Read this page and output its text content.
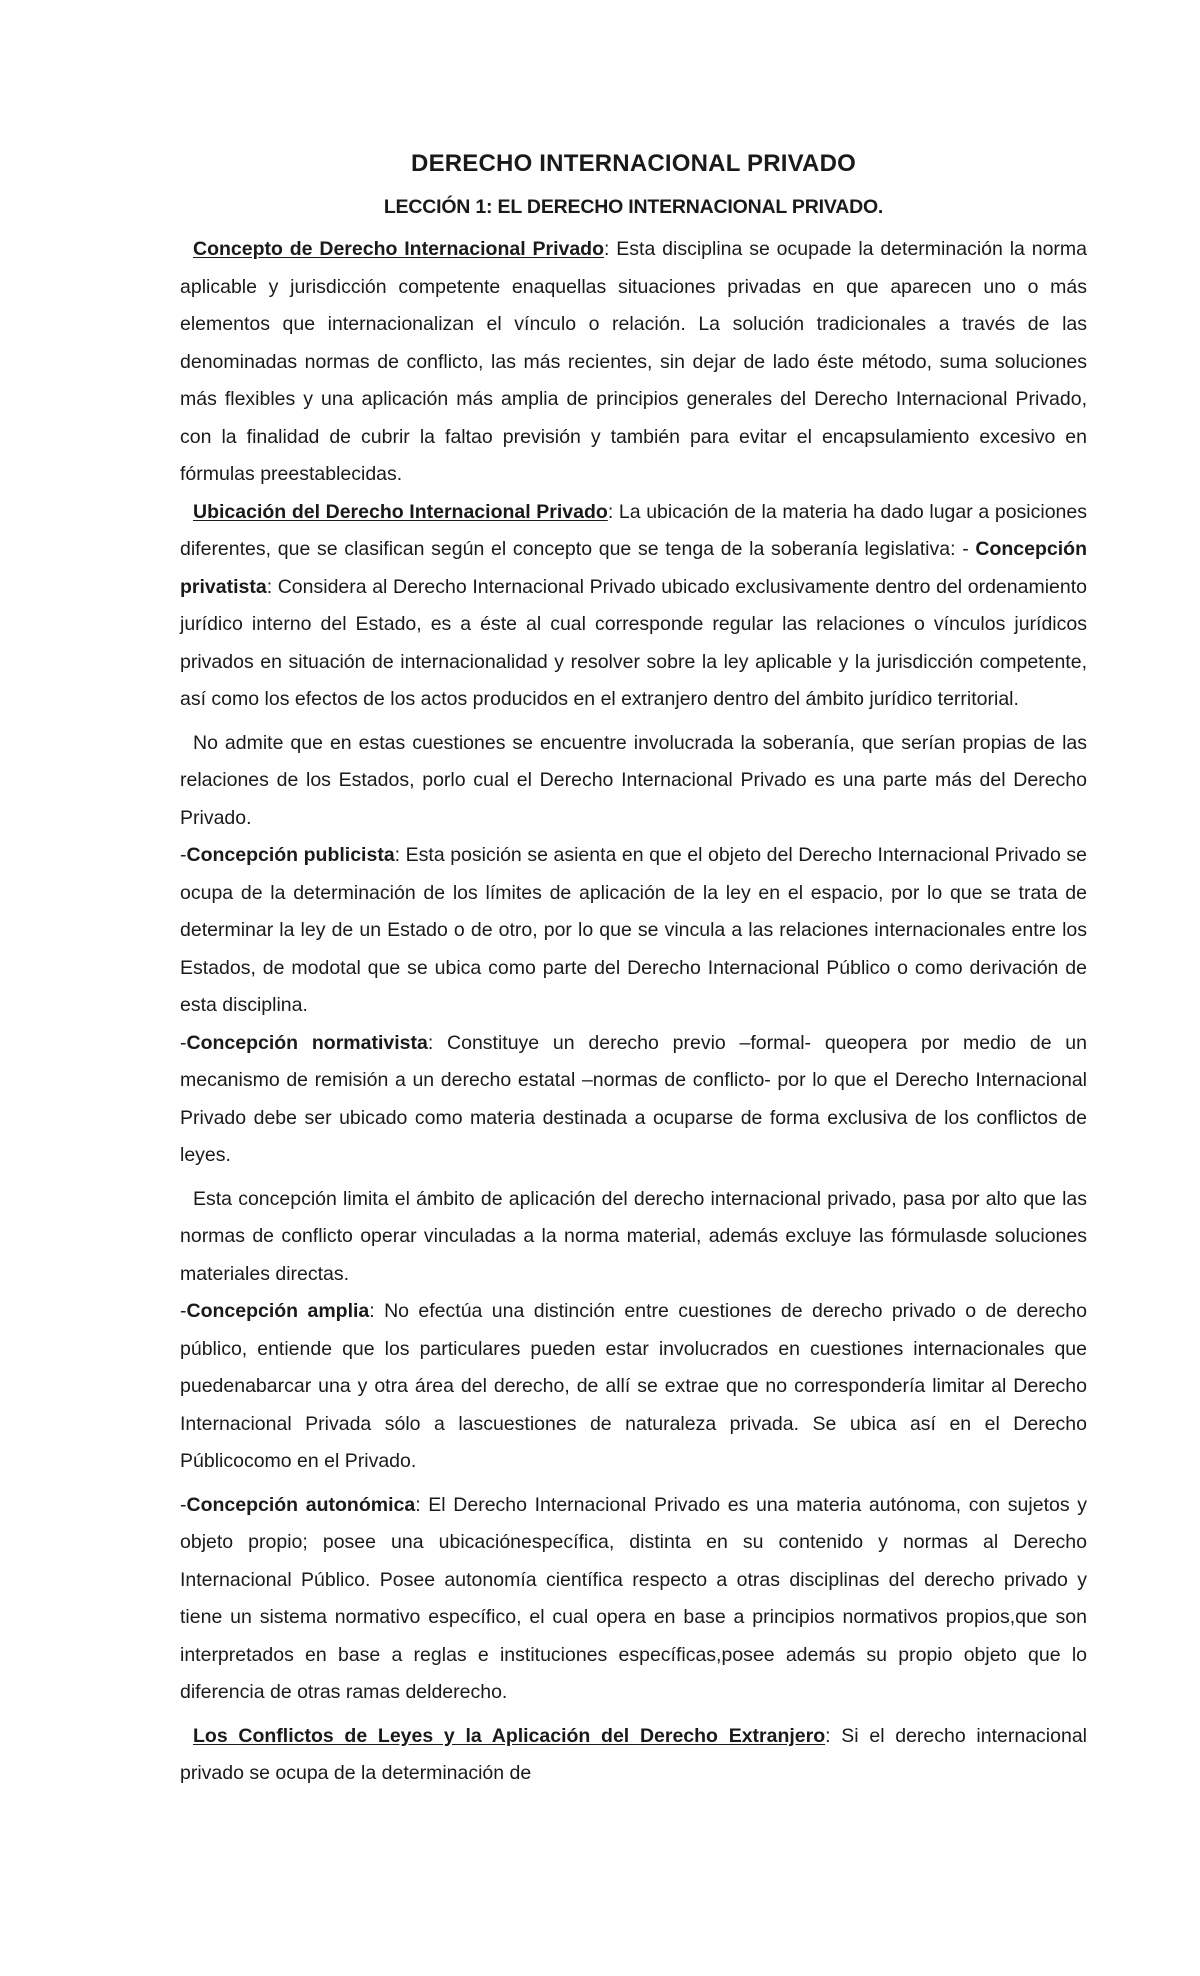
DERECHO INTERNACIONAL PRIVADO
LECCIÓN 1: EL DERECHO INTERNACIONAL PRIVADO.

Concepto de Derecho Internacional Privado: Esta disciplina se ocupade la determinación la norma aplicable y jurisdicción competente enaquellas situaciones privadas en que aparecen uno o más elementos que internacionalizan el vínculo o relación. La solución tradicionales a través de las denominadas normas de conflicto, las más recientes, sin dejar de lado éste método, suma soluciones más flexibles y una aplicación más amplia de principios generales del Derecho Internacional Privado, con la finalidad de cubrir la faltao previsión y también para evitar el encapsulamiento excesivo en fórmulas preestablecidas.

Ubicación del Derecho Internacional Privado: La ubicación de la materia ha dado lugar a posiciones diferentes, que se clasifican según el concepto que se tenga de la soberanía legislativa: - Concepción privatista: Considera al Derecho Internacional Privado ubicado exclusivamente dentro del ordenamiento jurídico interno del Estado, es a éste al cual corresponde regular las relaciones o vínculos jurídicos privados en situación de internacionalidad y resolver sobre la ley aplicable y la jurisdicción competente, así como los efectos de los actos producidos en el extranjero dentro del ámbito jurídico territorial.

No admite que en estas cuestiones se encuentre involucrada la soberanía, que serían propias de las relaciones de los Estados, porlo cual el Derecho Internacional Privado es una parte más del Derecho Privado.

-Concepción publicista: Esta posición se asienta en que el objeto del Derecho Internacional Privado se ocupa de la determinación de los límites de aplicación de la ley en el espacio, por lo que se trata de determinar la ley de un Estado o de otro, por lo que se vincula a las relaciones internacionales entre los Estados, de modotal que se ubica como parte del Derecho Internacional Público o como derivación de esta disciplina.

-Concepción normativista: Constituye un derecho previo –formal- queopera por medio de un mecanismo de remisión a un derecho estatal –normas de conflicto- por lo que el Derecho Internacional Privado debe ser ubicado como materia destinada a ocuparse de forma exclusiva de los conflictos de leyes.

Esta concepción limita el ámbito de aplicación del derecho internacional privado, pasa por alto que las normas de conflicto operar vinculadas a la norma material, además excluye las fórmulasde soluciones materiales directas.

-Concepción amplia: No efectúa una distinción entre cuestiones de derecho privado o de derecho público, entiende que los particulares pueden estar involucrados en cuestiones internacionales que puedenabarcar una y otra área del derecho, de allí se extrae que no correspondería limitar al Derecho Internacional Privada sólo a lascuestiones de naturaleza privada. Se ubica así en el Derecho Públicocomo en el Privado.

-Concepción autonómica: El Derecho Internacional Privado es una materia autónoma, con sujetos y objeto propio; posee una ubicaciónespecífica, distinta en su contenido y normas al Derecho Internacional Público. Posee autonomía científica respecto a otras disciplinas del derecho privado y tiene un sistema normativo específico, el cual opera en base a principios normativos propios,que son interpretados en base a reglas e instituciones específicas,posee además su propio objeto que lo diferencia de otras ramas delderecho.

Los Conflictos de Leyes y la Aplicación del Derecho Extranjero: Si el derecho internacional privado se ocupa de la determinación de
